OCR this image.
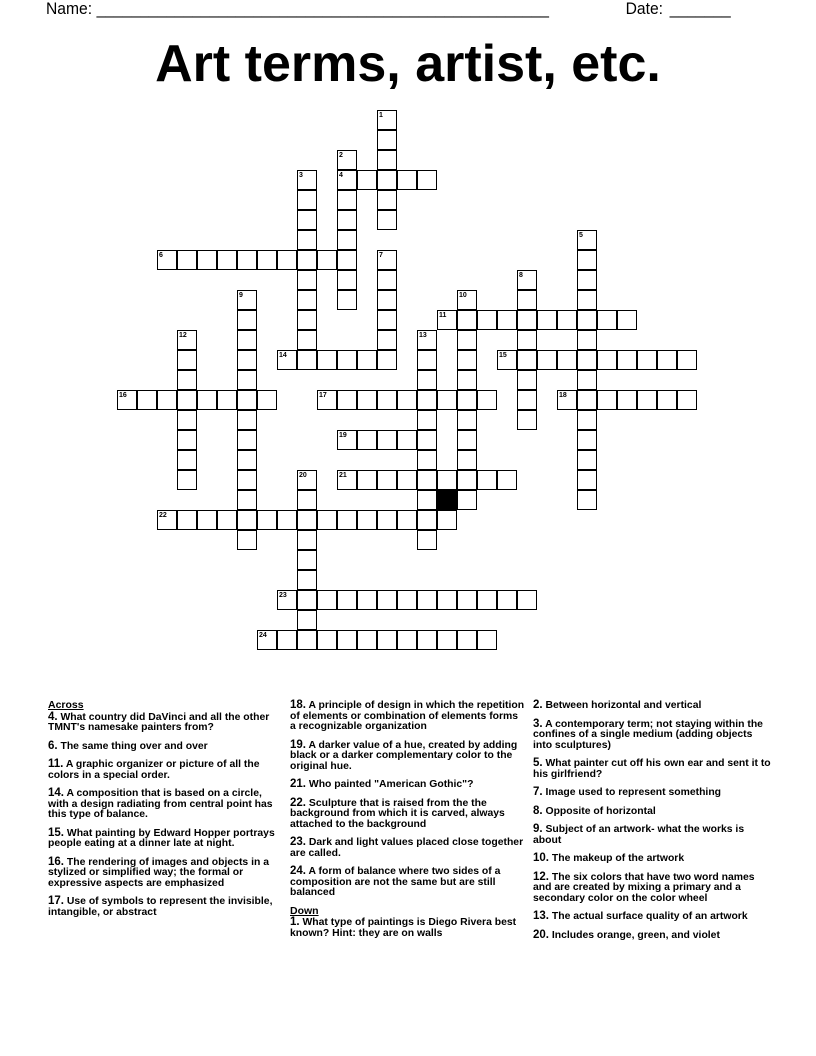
Name: ____________________________________________________	Date: _______
Art terms, artist, etc.
1
2
3	4
5
6	7
8
9	10
11
12	13
14	15
16	17	18
19
20	21
22
23
24
Across
4. What country did DaVinci and all the other TMNT's namesake painters from?
6. The same thing over and over
11. A graphic organizer or picture of all the colors in a special order.
14. A composition that is based on a circle, with a design radiating from central point has this type of balance.
15. What painting by Edward Hopper portrays people eating at a dinner late at night.
16. The rendering of images and objects in a stylized or simplified way; the formal or expressive aspects are emphasized
17. Use of symbols to represent the invisible, intangible, or abstract
18. A principle of design in which the repetition of elements or combination of elements forms a recognizable organization
19. A darker value of a hue, created by adding black or a darker complementary color to the original hue.
21. Who painted "American Gothic"?
22. Sculpture that is raised from the the background from which it is carved, always attached to the background
23. Dark and light values placed close together are called.
24. A form of balance where two sides of a composition are not the same but are still balanced
Down
1. What type of paintings is Diego Rivera best known? Hint: they are on walls
2. Between horizontal and vertical
3. A contemporary term; not staying within the confines of a single medium (adding objects into sculptures)
5. What painter cut off his own ear and sent it to his girlfriend?
7. Image used to represent something
8. Opposite of horizontal
9. Subject of an artwork- what the works is about
10. The makeup of the artwork
12. The six colors that have two word names and are created by mixing a primary and a secondary color on the color wheel
13. The actual surface quality of an artwork
20. Includes orange, green, and violet
